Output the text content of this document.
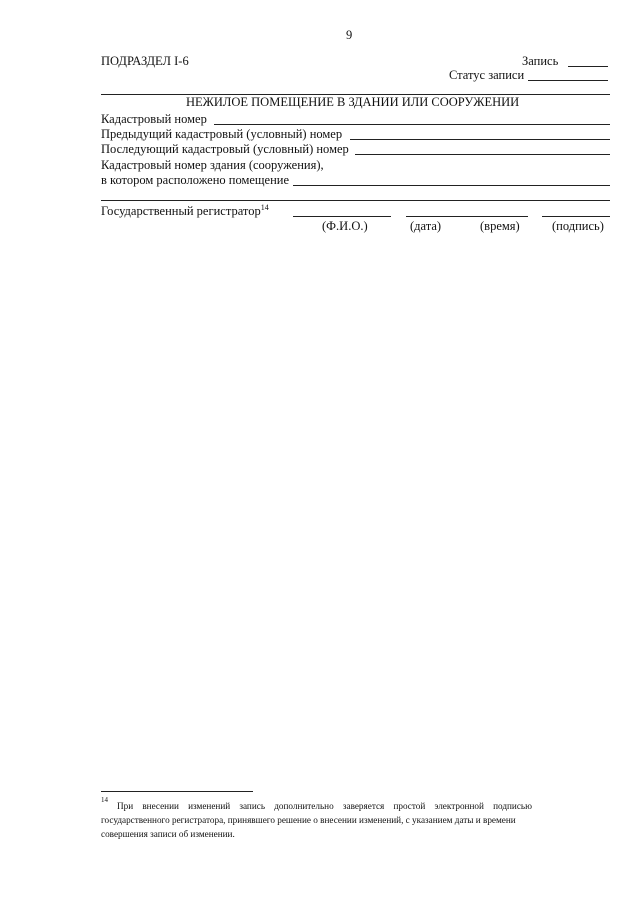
9
ПОДРАЗДЕЛ I-6	Запись
Статус записи
НЕЖИЛОЕ ПОМЕЩЕНИЕ В ЗДАНИИ ИЛИ СООРУЖЕНИИ
Кадастровый номер
Предыдущий кадастровый (условный) номер
Последующий кадастровый (условный) номер
Кадастровый номер здания (сооружения),
в котором расположено помещение
Государственный регистратор$^{14}$
(Ф.И.О.)	(дата)	(время)	(подпись)
14
При    внесении    изменений    запись    дополнительно    заверяется    простой    электронной    подписью
государственного регистратора, принявшего решение о внесении изменений, с указанием даты и времени
совершения записи об изменении.
